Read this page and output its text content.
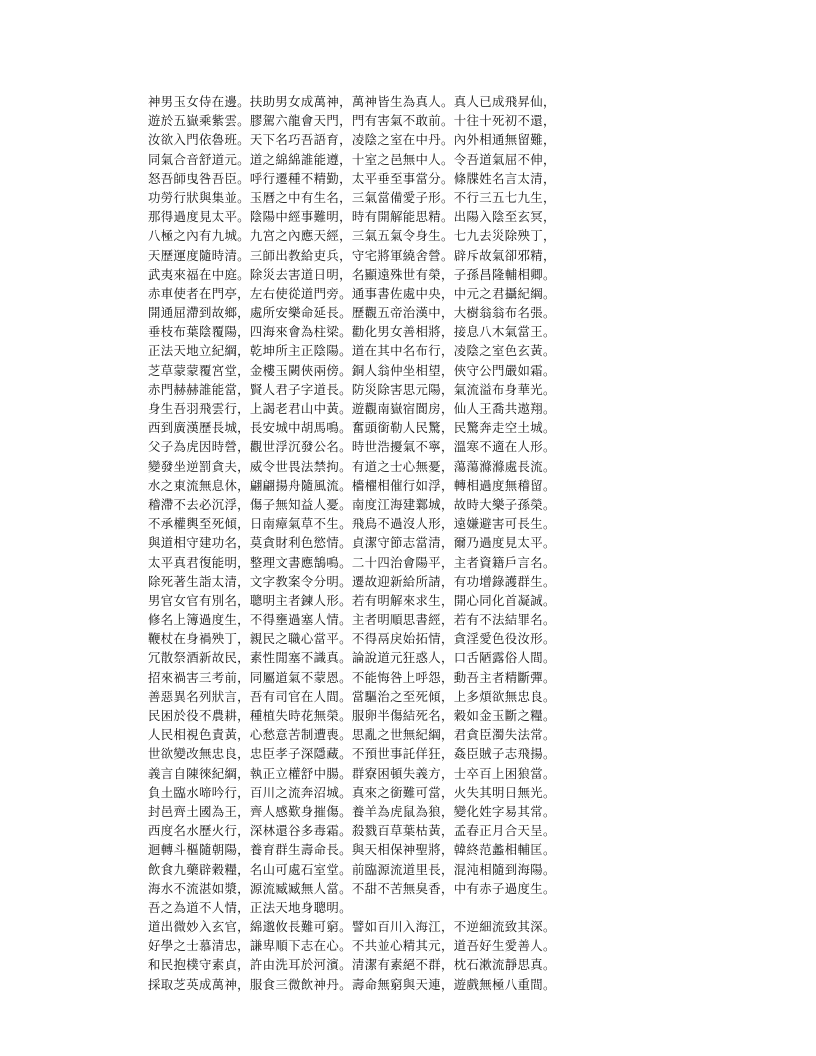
神男玉女侍在邊。扶助男女成萬神，萬神皆生為真人。真人已成飛昇仙，
遊於五嶽乘紫雲。膠駕六龍會天門，門有害氣不敢前。十往十死初不還，
汝欲入門依魯班。天下名巧吾語育，凌陰之室在中丹。內外相通無留難，
同氣合音舒道元。道之綿綿誰能遵，十室之邑無中人。令吾道氣屈不伸，
怒吾師曳咎吾臣。呼行遷種不精勤，太平垂至事當分。條牒姓名言太清，
功勞行狀與集並。玉曆之中有生名，三氣當備愛子形。不行三五七九生，
那得過度見太平。陰陽中經事難明，時有開解能思精。出陽入陰至玄冥，
八極之內有九城。九宮之內應天經，三氣五氣令身生。七九去災除殃丁，
天歷運度隨時清。三師出教給吏兵，守宅將軍繞舍營。辟斥故氣卻邪精，
武夷來福在中庭。除災去害道日明，名顯遠殊世有榮，子孫昌隆輔相卿。
赤車使者在門亭，左右使從道門旁。通事書佐處中央，中元之君攝紀綱。
開通屈滯到故鄉，處所安樂命延長。歷觀五帝治漢中，大樹翁翁布名張。
垂枝布葉陰覆陽，四海來會為柱梁。勸化男女善相將，接息八木氣當王。
正法天地立紀綱，乾坤所主正陰陽。道在其中名布行，凌陰之室色玄黃。
芝草蒙蒙覆宮堂，金樓玉闕俠兩傍。銅人翁仲坐相望，俠守公門嚴如霜。
赤門赫赫誰能當，賢人君子字道長。防災除害思元陽，氣流溢布身華光。
身生吾羽飛雲行，上謁老君山中黃。遊觀南嶽宿閬房，仙人王喬共遨翔。
西到廣漢歷長城，長安城中胡馬鳴。奮頭銜勒人民驚，民驚奔走空土城。
父子為虎因時營，觀世浮沉發公名。時世浩擾氣不寧，溫寒不適在人形。
變發坐逆罰貪夫，威令世畏法禁拘。有道之士心無憂，蕩蕩滌滌處長流。
水之東流無息休，翩翩揚舟隨風流。檣櫂相催行如浮，轉相過度無稽留。
稽滯不去必沉浮，傷子無知益人憂。南度江海建鄴城，故時大樂子孫榮。
不承權輿至死傾，日南瘴氣草不生。飛鳥不過沒人形，遠嫌避害可長生。
與道相守建功名，莫貪財利色慾情。貞潔守節志當清，爾乃過度見太平。
太平真君復能明，整理文書應鵠鳴。二十四治會陽平，主者資籍戶言名。
除死著生詣太清，文字教案令分明。遷故迎新給所請，有功增錄護群生。
男官女官有別名，聰明主者鍊人形。若有明解來求生，開心同化首凝誠。
修名上簿過度生，不得壅過塞人情。主者明順思書經，若有不法結罪名。
鞭杖在身禍殃丁，親民之職心當平。不得鬲戾始拓情，貪淫愛色役汝形。
冗散祭酒新故民，素性閒塞不識真。論說道元狂惑人，口舌陋露俗人間。
招來禍害三考前，同屬道氣不蒙恩。不能悔咎上呼怨，動吾主者精斷彈。
善惡異名列狀言，吾有司官在人間。當驅治之至死傾，上多煩欲無忠良。
民困於役不農耕，種植失時花無榮。服卵半傷結死名，穀如金玉斷之糧。
人民相視色責黃，心愁意苦制遭喪。思亂之世無紀綱，君貪臣濁失法常。
世欲變改無忠良，忠臣孝子深隱藏。不預世事託佯狂，姦臣賊子志飛揚。
義言自陳徠紀綱，執正立權舒中腸。群寮困頓失義方，士卒百上困狼當。
負土臨水啼吟行，百川之流奔沼城。真來之銜難可當，火失其明日無光。
封邑齊土國為王，齊人感歎身摧傷。養羊為虎鼠為狼，變化姓字易其常。
西度名水歷火行，深林還谷多毒霜。殺戮百草葉枯黃，孟春正月合天呈。
迴轉斗樞隨朝陽，養育群生壽命長。與天相保神聖將，韓終范蠡相輔匡。
飲食九藥辟穀糧，名山可處石室堂。前臨源流道里長，混沌相隨到海陽。
海水不流湛如漿，源流臧臧無人當。不甜不苦無臭香，中有赤子過度生。
吾之為道不人情，正法天地身聰明。
道出微妙入玄官，綿邈攸長難可窮。譬如百川入海江，不逆細流致其深。
好學之士慕清忠，謙卑順下志在心。不共並心精其元，道吾好生愛善人。
和民抱樸守素貞，許由洗耳於河濱。清潔有素絕不群，枕石漱流靜思真。
採取芝英成萬神，服食三微飲神丹。壽命無窮與天連，遊戲無極八重間。
